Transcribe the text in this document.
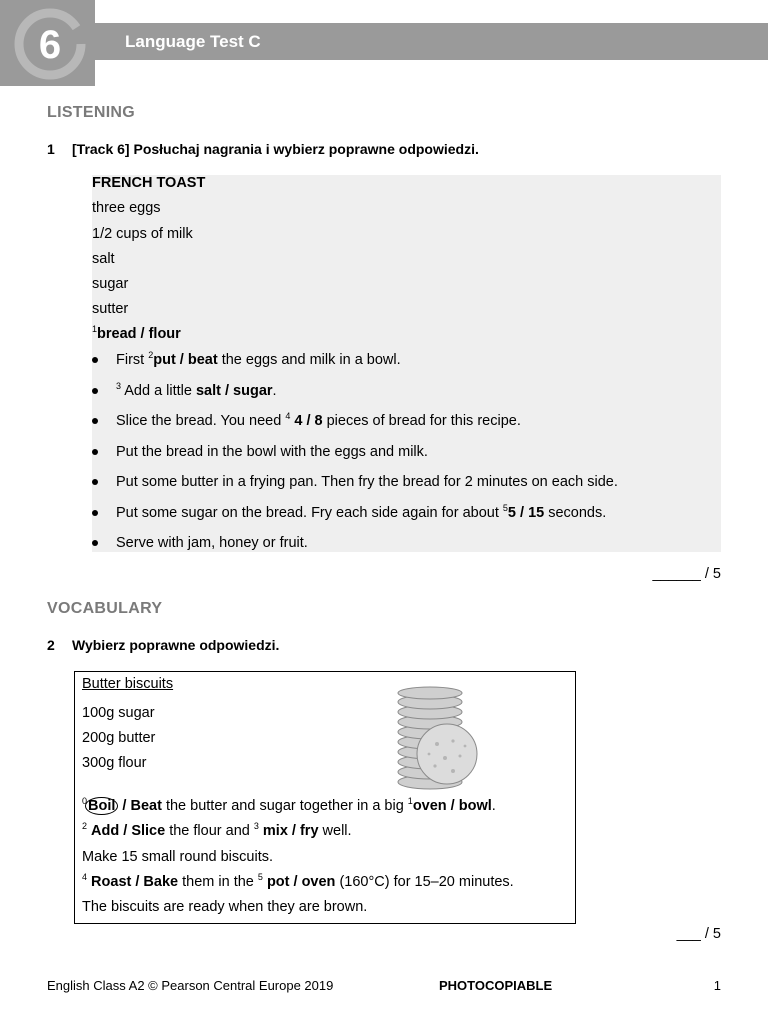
6	Language Test C
LISTENING
1 [Track 6] Posłuchaj nagrania i wybierz poprawne odpowiedzi.
FRENCH TOAST
three eggs
1/2 cups of milk
salt
sugar
sutter
$^1$bread / flour
First $^2$put / beat the eggs and milk in a bowl.
$^3$ Add a little salt / sugar.
Slice the bread. You need $^4$ 4 / 8 pieces of bread for this recipe.
Put the bread in the bowl with the eggs and milk.
Put some butter in a frying pan. Then fry the bread for 2 minutes on each side.
Put some sugar on the bread. Fry each side again for about $^5$5 / 15 seconds.
Serve with jam, honey or fruit.
______ / 5
VOCABULARY
2 Wybierz poprawne odpowiedzi.
Butter biscuits
100g sugar
200g butter
300g flour
$^0$Boil / Beat the butter and sugar together in a big $^1$oven / bowl.
$^2$ Add / Slice the flour and $^3$ mix / fry well.
Make 15 small round biscuits.
$^4$ Roast / Bake them in the $^5$ pot / oven (160°C) for 15–20 minutes.
The biscuits are ready when they are brown.
___ / 5
English Class A2 © Pearson Central Europe 2019	PHOTOCOPIABLE	1
